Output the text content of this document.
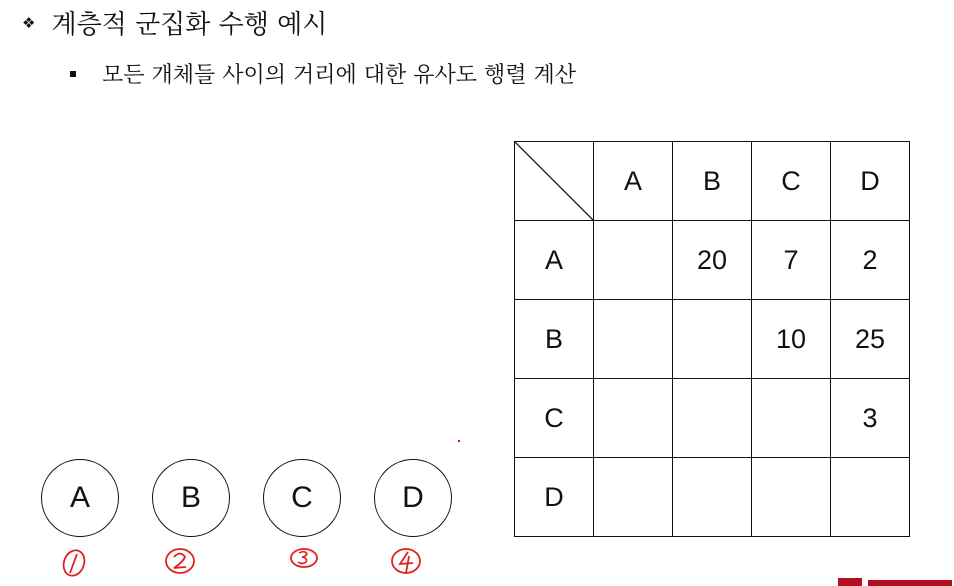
❖ 계층적 군집화 수행 예시
모든 개체들 사이의 거리에 대한 유사도 행렬 계산
	A	B	C	D
A		20	7	2
B			10	25
C				3
D				
A	B	C	D
